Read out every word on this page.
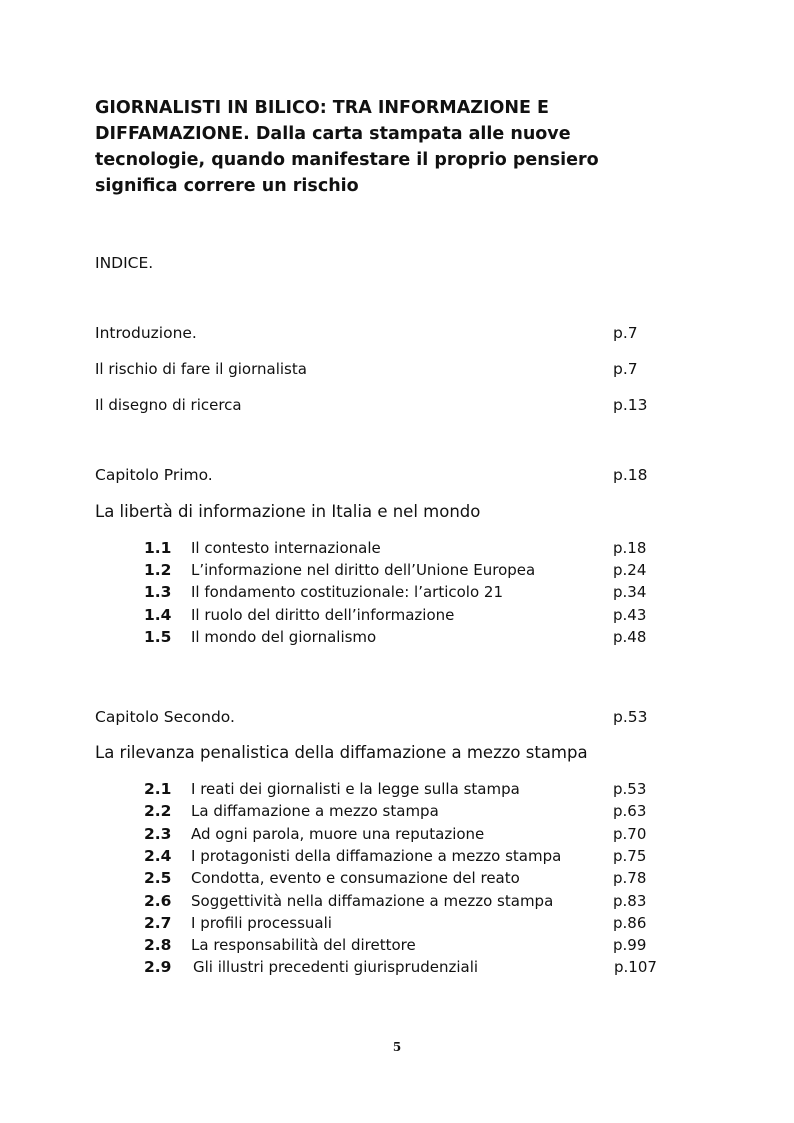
GIORNALISTI IN BILICO: TRA INFORMAZIONE E
DIFFAMAZIONE. Dalla carta stampata alle nuove
tecnologie, quando manifestare il proprio pensiero
significa correre un rischio

INDICE.

Introduzione.	p.7

Il rischio di fare il giornalista	p.7

Il disegno di ricerca	p.13

Capitolo Primo.	p.18

La libertà di informazione in Italia e nel mondo

1.1 Il contesto internazionale	p.18

1.2 L’informazione nel diritto dell’Unione Europea	p.24

1.3 Il fondamento costituzionale: l’articolo 21	p.34

1.4 Il ruolo del diritto dell’informazione	p.43

1.5 Il mondo del giornalismo	p.48

Capitolo Secondo.	p.53

La rilevanza penalistica della diffamazione a mezzo stampa

2.1 I reati dei giornalisti e la legge sulla stampa	p.53

2.2 La diffamazione a mezzo stampa	p.63

2.3 Ad ogni parola, muore una reputazione	p.70

2.4 I protagonisti della diffamazione a mezzo stampa	p.75

2.5 Condotta, evento e consumazione del reato	p.78

2.6 Soggettività nella diffamazione a mezzo stampa	p.83

2.7 I profili processuali	p.86

2.8 La responsabilità del direttore	p.99

2.9 Gli illustri precedenti giurisprudenziali	p.107

5
